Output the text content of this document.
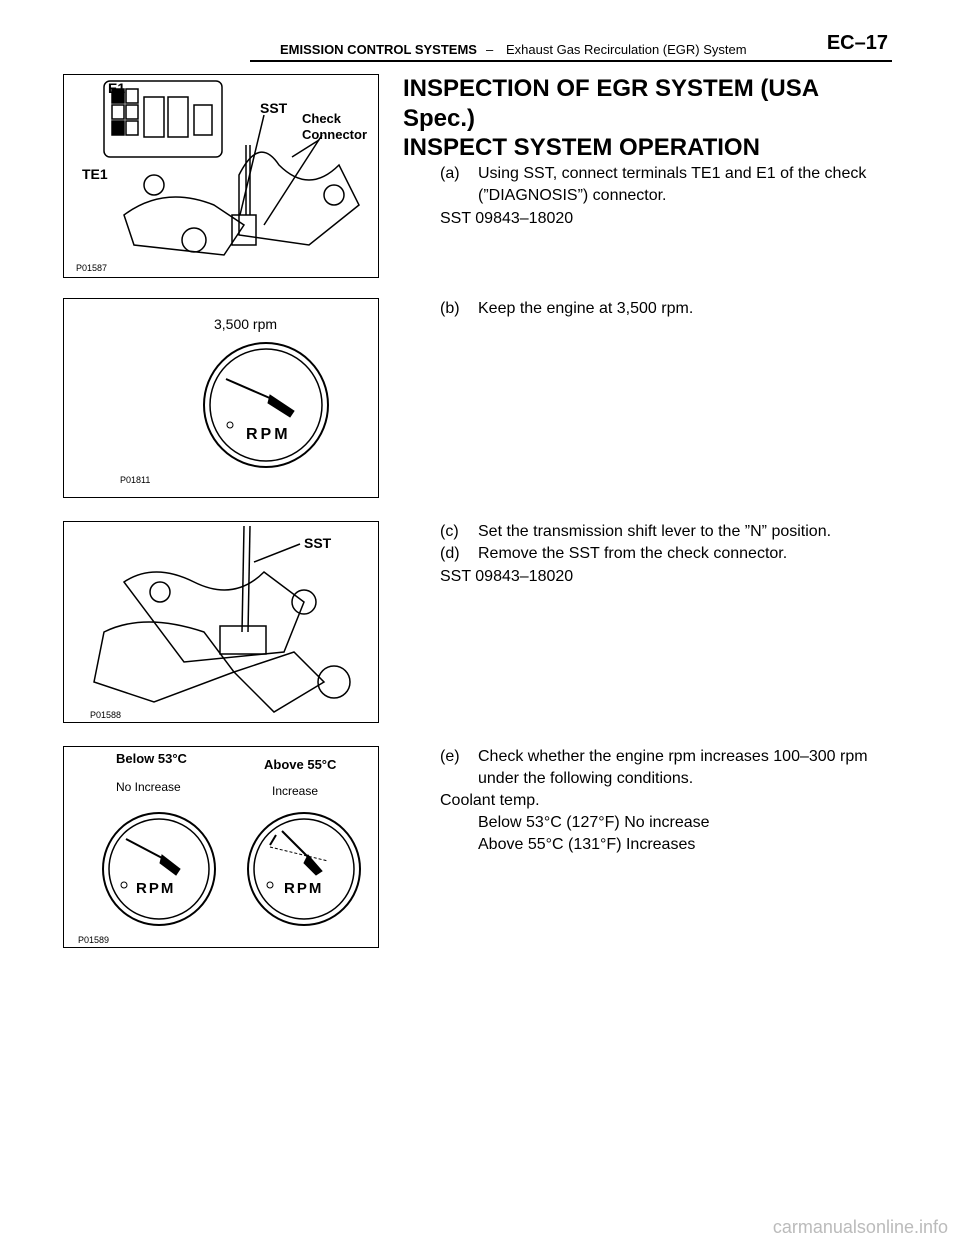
EMISSION CONTROL SYSTEMS – Exhaust Gas Recirculation (EGR) System	EC–17
E1
TE1
SST
Check
Connector
P01587
INSPECTION OF EGR SYSTEM (USA
Spec.)
INSPECT SYSTEM OPERATION
(a) Using SST, connect terminals TE1 and E1 of the check
(”DIAGNOSIS”) connector.
SST 09843–18020
3,500 rpm
RPM
P01811
(b) Keep the engine at 3,500 rpm.
SST
P01588
(c) Set the transmission shift lever to the ”N” position.
(d) Remove the SST from the check connector.
SST 09843–18020
Below 53°C
No Increase
Above 55°C
Increase
RPM	RPM
P01589
(e) Check whether the engine rpm increases 100–300 rpm
under the following conditions.
Coolant temp.
Below 53°C (127°F) No increase
Above 55°C (131°F) Increases
carmanualsonline.info
